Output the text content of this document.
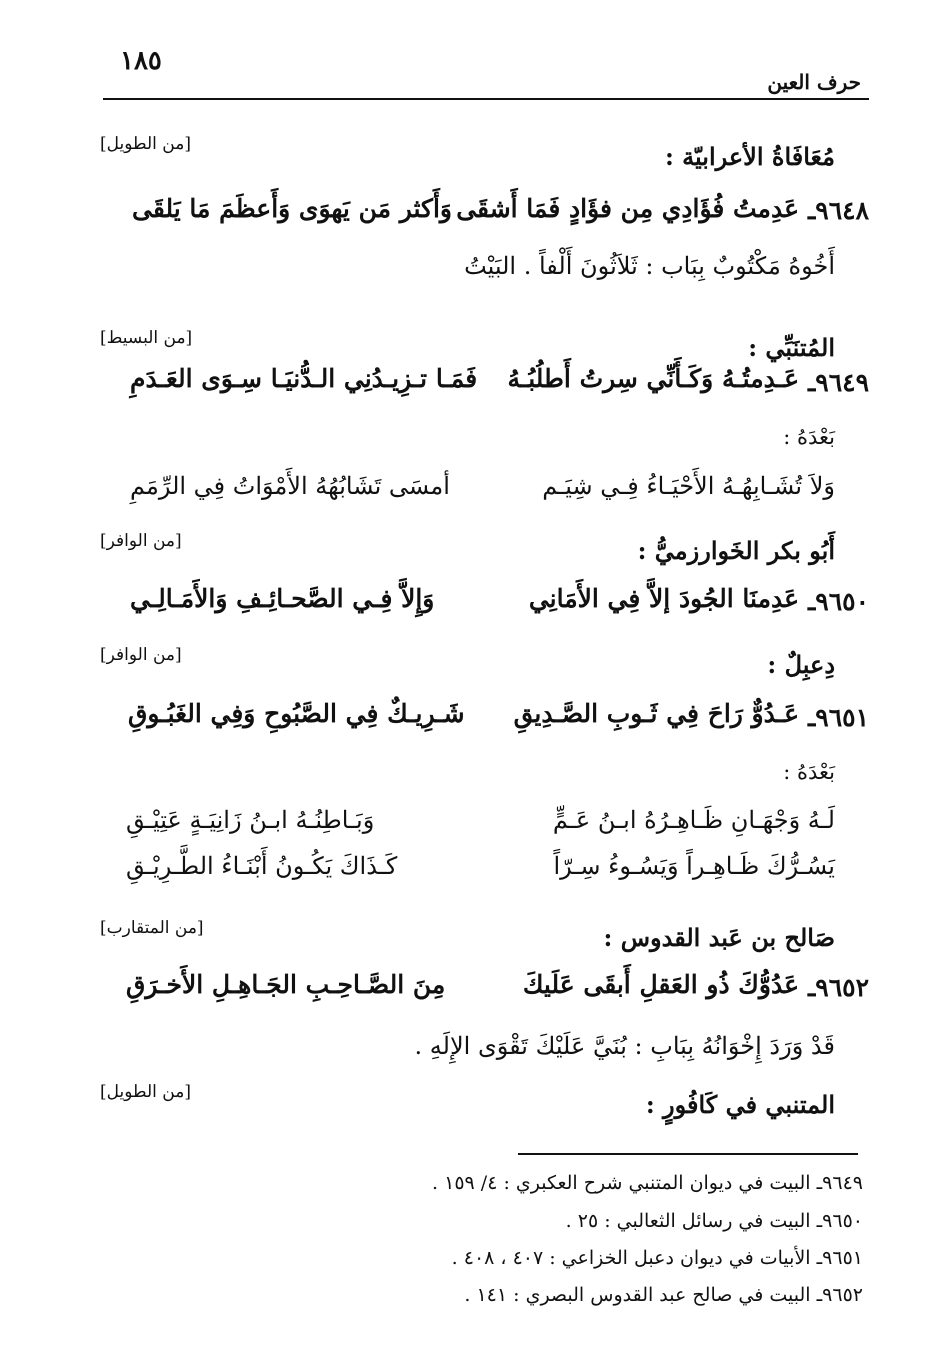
١٨٥
حرف العين
[من الطويل]	مُعَافَاةُ الأعرابيّة :
٩٦٤٨ـ
عَدِمتُ فُؤَادِي مِن فؤَادٍ فَمَا أَشقَى
وَأَكثر مَن يَهوَى وَأَعظَمَ مَا يَلقَى
أَخُوهُ مَكْتُوبٌ بِبَاب : ثَلاَثُونَ أَلْفاً . البَيْتُ
[من البسيط]	المُتنَبِّي :
٩٦٤٩ـ
عَـدِمتُـهُ وَكَـأَنِّي سِرتُ أَطلُبُـهُ
فَمَـا تـزِيـدُنِي الـدُّنيَـا سِـوَى العَـدَمِ
بَعْدَهُ :
وَلاَ تُشَـابِهُـهُ الأَحْيَـاءُ فِـي شِيَـم
أمسَى تَشَابُهُهُ الأَمْوَاتُ فِي الرِّمَمِ
[من الوافر]	أَبُو بكر الخَوارزميُّ :
٩٦٥٠ـ
عَدِمنَا الجُودَ إلاَّ فِي الأَمَانِي
وَإِلاَّ فِـي الصَّحـائِـفِ وَالأَمَـالِـي
[من الوافر]	دِعبِلٌ :
٩٦٥١ـ
عَـدُوٌّ رَاحَ فِي ثَـوبِ الصَّـدِيقِ
شَـرِيـكٌ فِي الصَّبُوحِ وَفِي الغَبُـوقِ
بَعْدَهُ :
لَـهُ وَجْهَـانِ ظَـاهِـرُهُ ابـنُ عَـمٍّ
وَبَـاطِنُـهُ ابـنُ زَانِيَـةٍ عَتِيْـقِ
يَسُـرُّكَ ظَـاهِـراً وَيَسُـوءُ سِـرّاً
كَـذَاكَ يَكُـونُ أَبْنَـاءُ الطَّـرِيْـقِ
[من المتقارب]	صَالح بن عَبد القدوس :
٩٦٥٢ـ
عَدُوُّكَ ذُو العَقلِ أَبقَى عَلَيكَ
مِنَ الصَّـاحِـبِ الجَـاهِـلِ الأَخـرَقِ
قَدْ وَرَدَ إِخْوَانُهُ بِبَابِ : بُنَيَّ عَلَيْكَ تَقْوَى الإِلَهِ .
[من الطويل]	المتنبي في كَافُورٍ :
٩٦٤٩ـ البيت في ديوان المتنبي شرح العكبري : ٤/ ١٥٩ .
٩٦٥٠ـ البيت في رسائل الثعالبي : ٢٥ .
٩٦٥١ـ الأبيات في ديوان دعبل الخزاعي : ٤٠٧ ، ٤٠٨ .
٩٦٥٢ـ البيت في صالح عبد القدوس البصري : ١٤١ .
